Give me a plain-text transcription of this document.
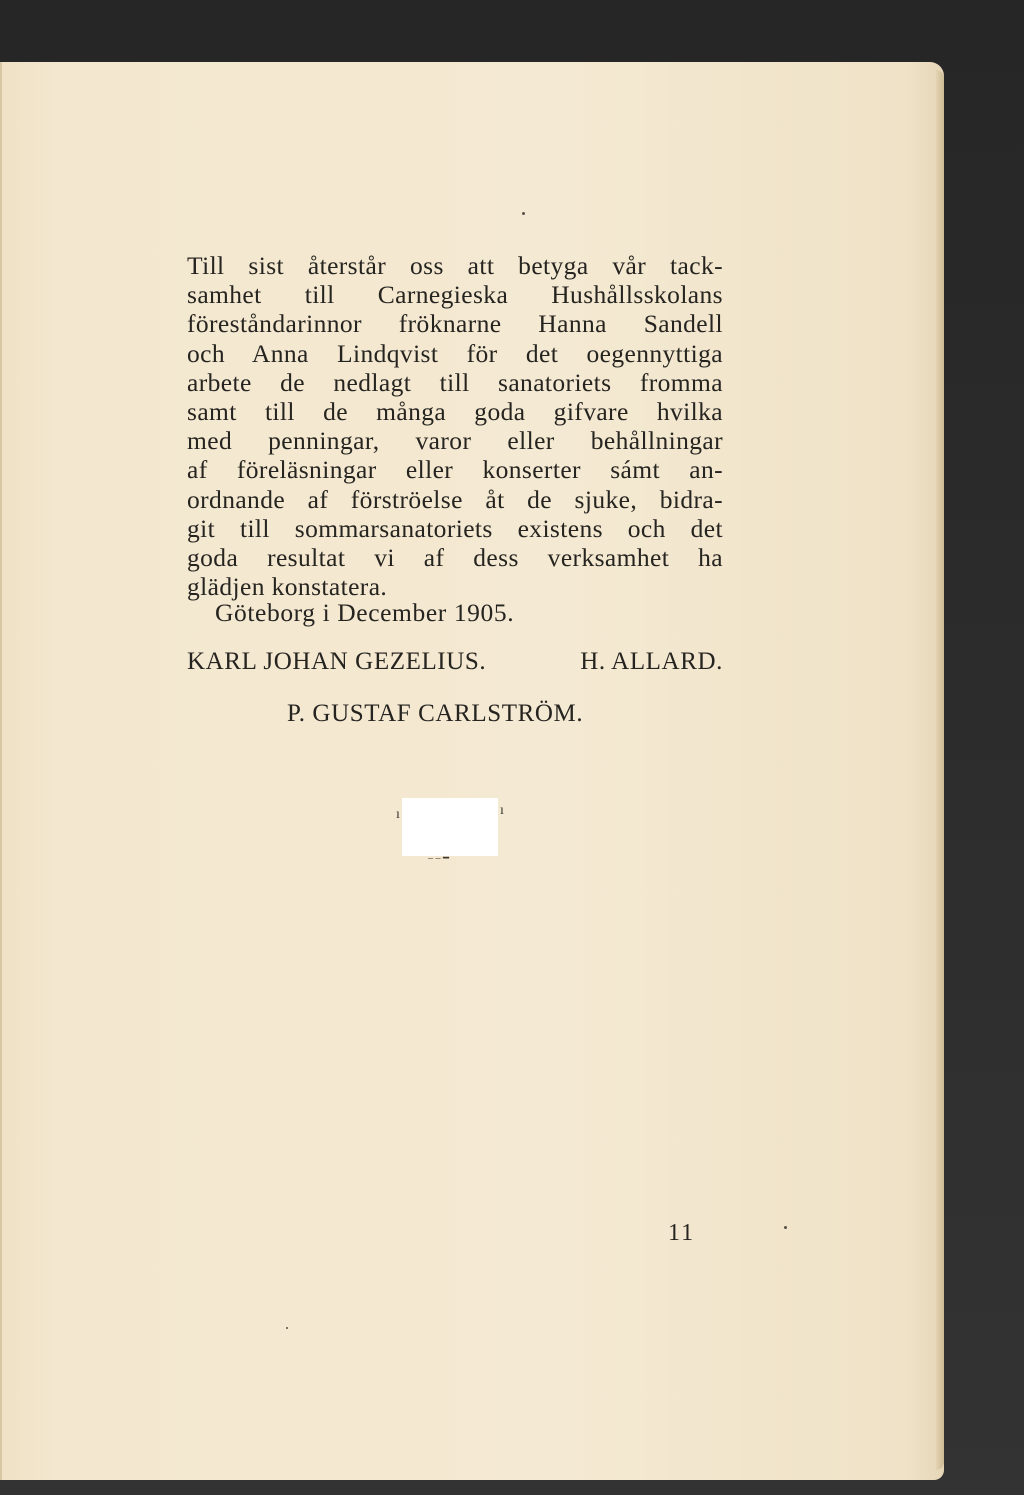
Till sist återstår oss att betyga vår tack-
samhet till Carnegieska Hushållsskolans
föreståndarinnor fröknarne Hanna Sandell
och Anna Lindqvist för det oegennyttiga
arbete de nedlagt till sanatoriets fromma
samt till de många goda gifvare hvilka
med penningar, varor eller behållningar
af föreläsningar eller konserter sámt an-
ordnande af förströelse åt de sjuke, bidra-
git till sommarsanatoriets existens och det
goda resultat vi af dess verksamhet ha
glädjen konstatera.
Göteborg i December 1905.
KARL JOHAN GEZELIUS.	H. ALLARD.
P. GUSTAF CARLSTRÖM.
ı	ı
‒ ‒ ━
11
